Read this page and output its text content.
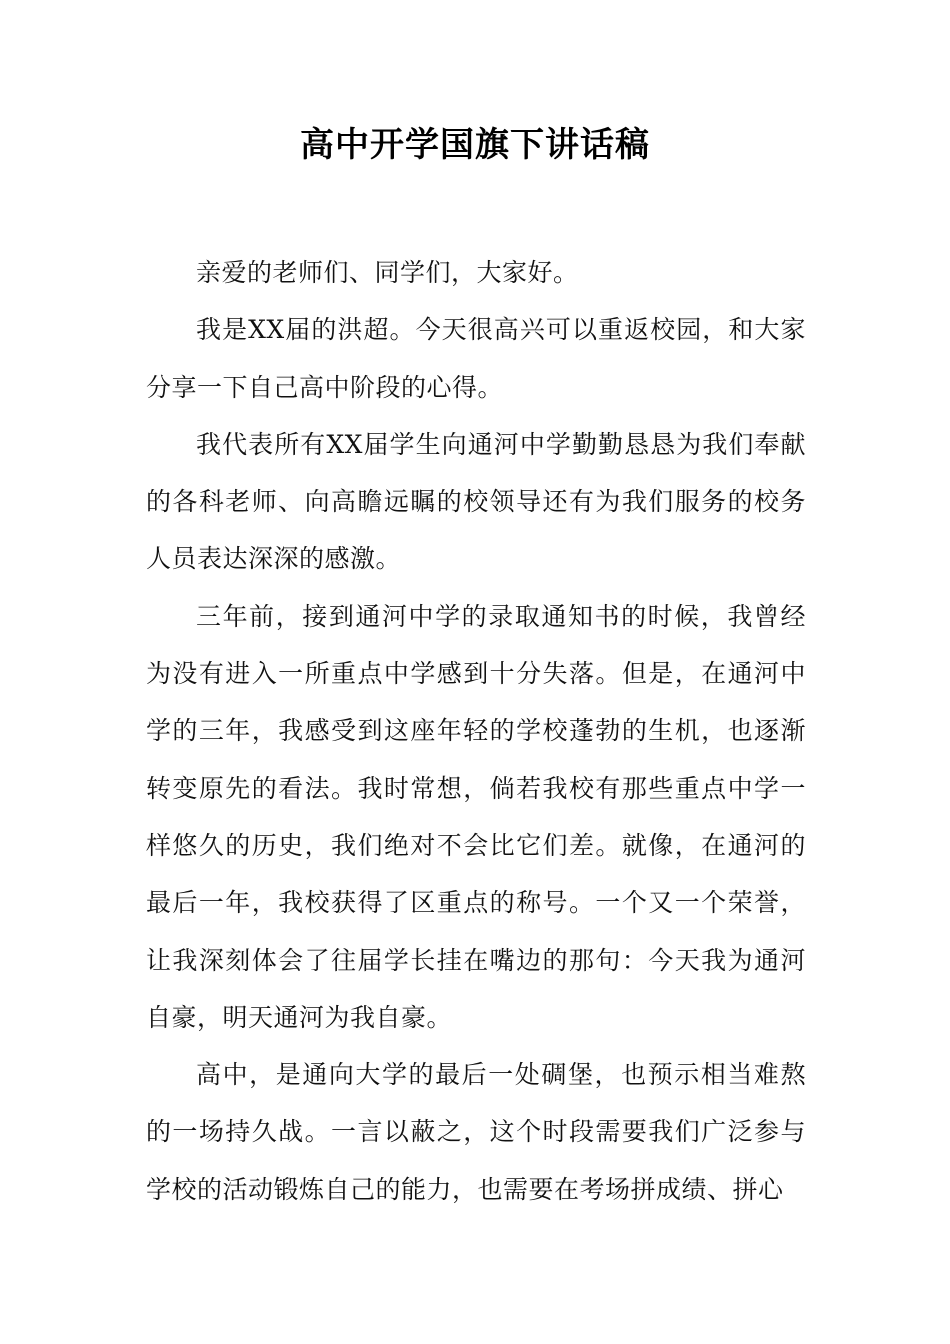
高中开学国旗下讲话稿

亲爱的老师们、同学们，大家好。

我是XX届的洪超。今天很高兴可以重返校园，和大家分享一下自己高中阶段的心得。

我代表所有XX届学生向通河中学勤勤恳恳为我们奉献的各科老师、向高瞻远瞩的校领导还有为我们服务的校务人员表达深深的感激。

三年前，接到通河中学的录取通知书的时候，我曾经为没有进入一所重点中学感到十分失落。但是，在通河中学的三年，我感受到这座年轻的学校蓬勃的生机，也逐渐转变原先的看法。我时常想，倘若我校有那些重点中学一样悠久的历史，我们绝对不会比它们差。就像，在通河的最后一年，我校获得了区重点的称号。一个又一个荣誉，让我深刻体会了往届学长挂在嘴边的那句：今天我为通河自豪，明天通河为我自豪。

高中，是通向大学的最后一处碉堡，也预示相当难熬的一场持久战。一言以蔽之，这个时段需要我们广泛参与学校的活动锻炼自己的能力，也需要在考场拼成绩、拼心
